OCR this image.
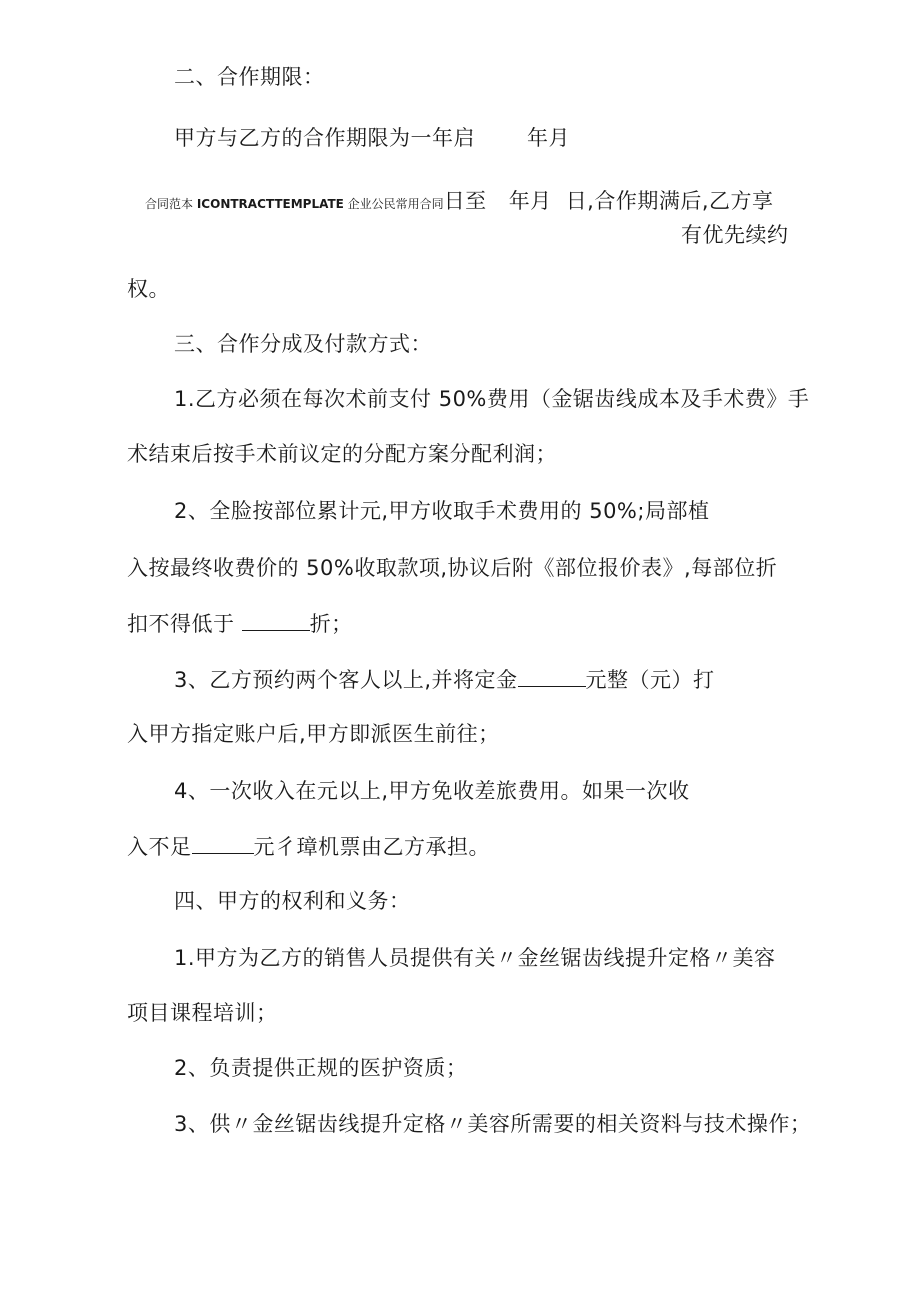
二、合作期限：
甲方与乙方的合作期限为一年启 年月
合同范本 ICONTRACTTEMPLATE 企业公民常用合同日至 年月 日,合作期满后,乙方享
有优先续约
权。
三、合作分成及付款方式：
1.乙方必须在每次术前支付 50%费用（金锯齿线成本及手术费》手
术结束后按手术前议定的分配方案分配利润；
2、全脸按部位累计元,甲方收取手术费用的 50%;局部植
入按最终收费价的 50%收取款项,协议后附《部位报价表》,每部位折
扣不得低于	折；
3、乙方预约两个客人以上,并将定金	元整（元）打
入甲方指定账户后,甲方即派医生前往；
4、一次收入在元以上,甲方免收差旅费用。如果一次收
入不足	元彳璋机票由乙方承担。
四、甲方的权利和义务：
1.甲方为乙方的销售人员提供有关〃金丝锯齿线提升定格〃美容
项目课程培训；
2、负责提供正规的医护资质；
3、供〃金丝锯齿线提升定格〃美容所需要的相关资料与技术操作；
